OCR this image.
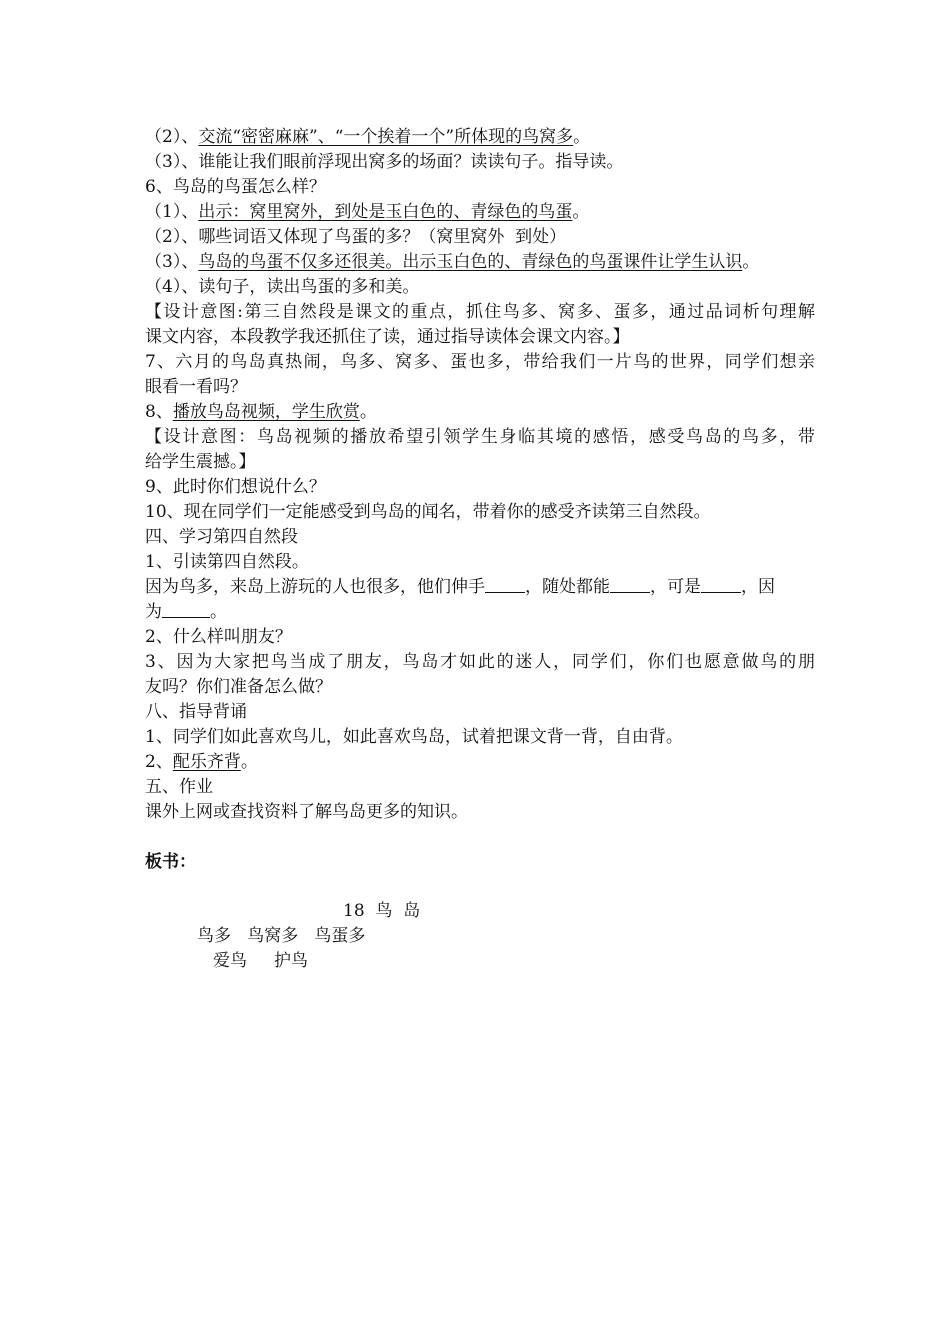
（2）、交流“密密麻麻”、“一个挨着一个”所体现的鸟窝多。
（3）、谁能让我们眼前浮现出窝多的场面？读读句子。指导读。
6、鸟岛的鸟蛋怎么样？
（1）、出示：窝里窝外，到处是玉白色的、青绿色的鸟蛋。
（2）、哪些词语又体现了鸟蛋的多？（窝里窝外  到处）
（3）、鸟岛的鸟蛋不仅多还很美。出示玉白色的、青绿色的鸟蛋课件让学生认识。
（4）、读句子，读出鸟蛋的多和美。
【设计意图:第三自然段是课文的重点，抓住鸟多、窝多、蛋多，通过品词析句理解
课文内容，本段教学我还抓住了读，通过指导读体会课文内容。】
7、六月的鸟岛真热闹，鸟多、窝多、蛋也多，带给我们一片鸟的世界，同学们想亲
眼看一看吗？
8、播放鸟岛视频，学生欣赏。
【设计意图：鸟岛视频的播放希望引领学生身临其境的感悟，感受鸟岛的鸟多，带
给学生震撼。】
9、此时你们想说什么？
10、现在同学们一定能感受到鸟岛的闻名，带着你的感受齐读第三自然段。
四、学习第四自然段
1、引读第四自然段。
因为鸟多，来岛上游玩的人也很多，他们伸手 ，随处都能 ，可是 ，因
为	。
2、什么样叫朋友？
3、因为大家把鸟当成了朋友，鸟岛才如此的迷人，同学们，你们也愿意做鸟的朋
友吗？你们准备怎么做？
八、指导背诵
1、同学们如此喜欢鸟儿，如此喜欢鸟岛，试着把课文背一背，自由背。
2、配乐齐背。
五、作业
课外上网或查找资料了解鸟岛更多的知识。
板书：
18  鸟  岛
鸟多   鸟窝多   鸟蛋多
爱鸟     护鸟
